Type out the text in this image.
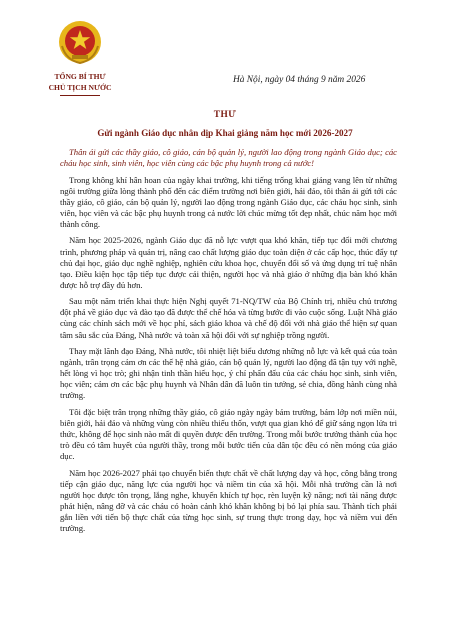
TỔNG BÍ THƯ
CHỦ TỊCH NƯỚC
Hà Nội, ngày 04 tháng 9 năm 2026
THƯ
Gửi ngành Giáo dục nhân dịp Khai giảng năm học mới 2026-2027

Thân ái gửi các thầy giáo, cô giáo, cán bộ quản lý, người lao động trong ngành Giáo dục; các cháu học sinh, sinh viên, học viên cùng các bậc phụ huynh trong cả nước!

Trong không khí hân hoan của ngày khai trường, khi tiếng trống khai giảng vang lên từ những ngôi trường giữa lòng thành phố đến các điểm trường nơi biên giới, hải đảo, tôi thân ái gửi tới các thầy giáo, cô giáo, cán bộ quản lý, người lao động trong ngành Giáo dục, các cháu học sinh, sinh viên, học viên và các bậc phụ huynh trong cả nước lời chúc mừng tốt đẹp nhất, chúc năm học mới thành công.

Năm học 2025-2026, ngành Giáo dục đã nỗ lực vượt qua khó khăn, tiếp tục đổi mới chương trình, phương pháp và quản trị, nâng cao chất lượng giáo dục toàn diện ở các cấp học, thúc đẩy tự chủ đại học, giáo dục nghề nghiệp, nghiên cứu khoa học, chuyển đổi số và ứng dụng trí tuệ nhân tạo. Điều kiện học tập tiếp tục được cải thiện, người học và nhà giáo ở những địa bàn khó khăn được hỗ trợ đầy đủ hơn.

Sau một năm triển khai thực hiện Nghị quyết 71-NQ/TW của Bộ Chính trị, nhiều chủ trương đột phá về giáo dục và đào tạo đã được thể chế hóa và từng bước đi vào cuộc sống. Luật Nhà giáo cùng các chính sách mới về học phí, sách giáo khoa và chế độ đối với nhà giáo thể hiện sự quan tâm sâu sắc của Đảng, Nhà nước và toàn xã hội đối với sự nghiệp trồng người.

Thay mặt lãnh đạo Đảng, Nhà nước, tôi nhiệt liệt biểu dương những nỗ lực và kết quả của toàn ngành, trân trọng cảm ơn các thế hệ nhà giáo, cán bộ quản lý, người lao động đã tận tụy với nghề, hết lòng vì học trò; ghi nhận tinh thần hiếu học, ý chí phấn đấu của các cháu học sinh, sinh viên, học viên; cảm ơn các bậc phụ huynh và Nhân dân đã luôn tin tưởng, sẻ chia, đồng hành cùng nhà trường.

Tôi đặc biệt trân trọng những thầy giáo, cô giáo ngày ngày bám trường, bám lớp nơi miền núi, biên giới, hải đảo và những vùng còn nhiều thiếu thốn, vượt qua gian khó để giữ sáng ngọn lửa tri thức, không để học sinh nào mất đi quyền được đến trường. Trong mỗi bước trưởng thành của học trò đều có tâm huyết của người thầy, trong mỗi bước tiến của dân tộc đều có nền móng của giáo dục.

Năm học 2026-2027 phải tạo chuyển biến thực chất về chất lượng dạy và học, công bằng trong tiếp cận giáo dục, năng lực của người học và niềm tin của xã hội. Mỗi nhà trường cần là nơi người học được tôn trọng, lắng nghe, khuyến khích tự học, rèn luyện kỹ năng; nơi tài năng được phát hiện, nâng đỡ và các cháu có hoàn cảnh khó khăn không bị bỏ lại phía sau. Thành tích phải gắn liền với tiến bộ thực chất của từng học sinh, sự trung thực trong dạy, học và niềm vui đến trường.
